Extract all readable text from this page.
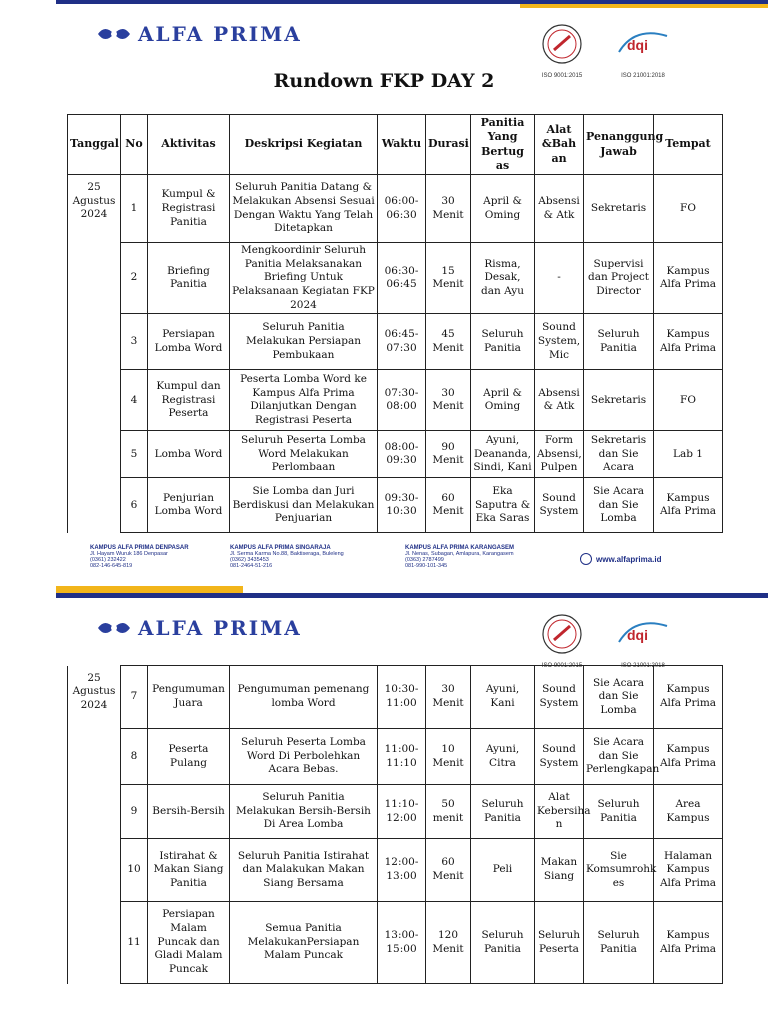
ALFA PRIMA
ISO 9001:2015
dqi
ISO 21001:2018
Rundown FKP DAY 2
Tanggal	No	Aktivitas	Deskripsi Kegiatan	Waktu	Durasi	Panitia Yang Bertug as	Alat &Bah an	Penanggung Jawab	Tempat
25 Agustus 2024	1	Kumpul & Registrasi Panitia	Seluruh Panitia Datang & Melakukan Absensi Sesuai Dengan Waktu Yang Telah Ditetapkan	06:00-06:30	30 Menit	April & Oming	Absensi & Atk	Sekretaris	FO
	2	Briefing Panitia	Mengkoordinir Seluruh Panitia Melaksanakan Briefing Untuk Pelaksanaan Kegiatan FKP 2024	06:30-06:45	15 Menit	Risma, Desak, dan Ayu	-	Supervisi dan Project Director	Kampus Alfa Prima
	3	Persiapan Lomba Word	Seluruh Panitia Melakukan Persiapan Pembukaan	06:45-07:30	45 Menit	Seluruh Panitia	Sound System, Mic	Seluruh Panitia	Kampus Alfa Prima
	4	Kumpul dan Registrasi Peserta	Peserta Lomba Word ke Kampus Alfa Prima Dilanjutkan Dengan Registrasi Peserta	07:30-08:00	30 Menit	April & Oming	Absensi & Atk	Sekretaris	FO
	5	Lomba Word	Seluruh Peserta Lomba Word Melakukan Perlombaan	08:00-09:30	90 Menit	Ayuni, Deananda, Sindi, Kani	Form Absensi, Pulpen	Sekretaris dan Sie Acara	Lab 1
	6	Penjurian Lomba Word	Sie Lomba dan Juri Berdiskusi dan Melakukan Penjuarian	09:30-10:30	60 Menit	Eka Saputra & Eka Saras	Sound System	Sie Acara dan Sie Lomba	Kampus Alfa Prima
KAMPUS ALFA PRIMA DENPASAR
Jl. Hayam Wuruk 186 Denpasar
(0361) 232422
082-146-645-819
KAMPUS ALFA PRIMA SINGARAJA
Jl. Serma Karma No.88, Baktiseraga, Buleleng
(0362) 3435453
081-2464-51-216
KAMPUS ALFA PRIMA KARANGASEM
Jl. Nenas, Subagan, Amlapura, Karangasem
(0363) 2787499
081-990-101-345
www.alfaprima.id
ALFA PRIMA
ISO 9001:2015
dqi
ISO 21001:2018
25 Agustus 2024	7	Pengumuman Juara	Pengumuman pemenang lomba Word	10:30-11:00	30 Menit	Ayuni, Kani	Sound System	Sie Acara dan Sie Lomba	Kampus Alfa Prima
	8	Peserta Pulang	Seluruh Peserta Lomba Word Di Perbolehkan Acara Bebas.	11:00-11:10	10 Menit	Ayuni, Citra	Sound System	Sie Acara dan Sie Perlengkapan	Kampus Alfa Prima
	9	Bersih-Bersih	Seluruh Panitia Melakukan Bersih-Bersih Di Area Lomba	11:10-12:00	50 menit	Seluruh Panitia	Alat Kebersiha n	Seluruh Panitia	Area Kampus
	10	Istirahat & Makan Siang Panitia	Seluruh Panitia Istirahat dan Malakukan Makan Siang Bersama	12:00-13:00	60 Menit	Peli	Makan Siang	Sie Komsumrohk es	Halaman Kampus Alfa Prima
	11	Persiapan Malam Puncak dan Gladi Malam Puncak	Semua Panitia MelakukanPersiapan Malam Puncak	13:00-15:00	120 Menit	Seluruh Panitia	Seluruh Peserta	Seluruh Panitia	Kampus Alfa Prima
